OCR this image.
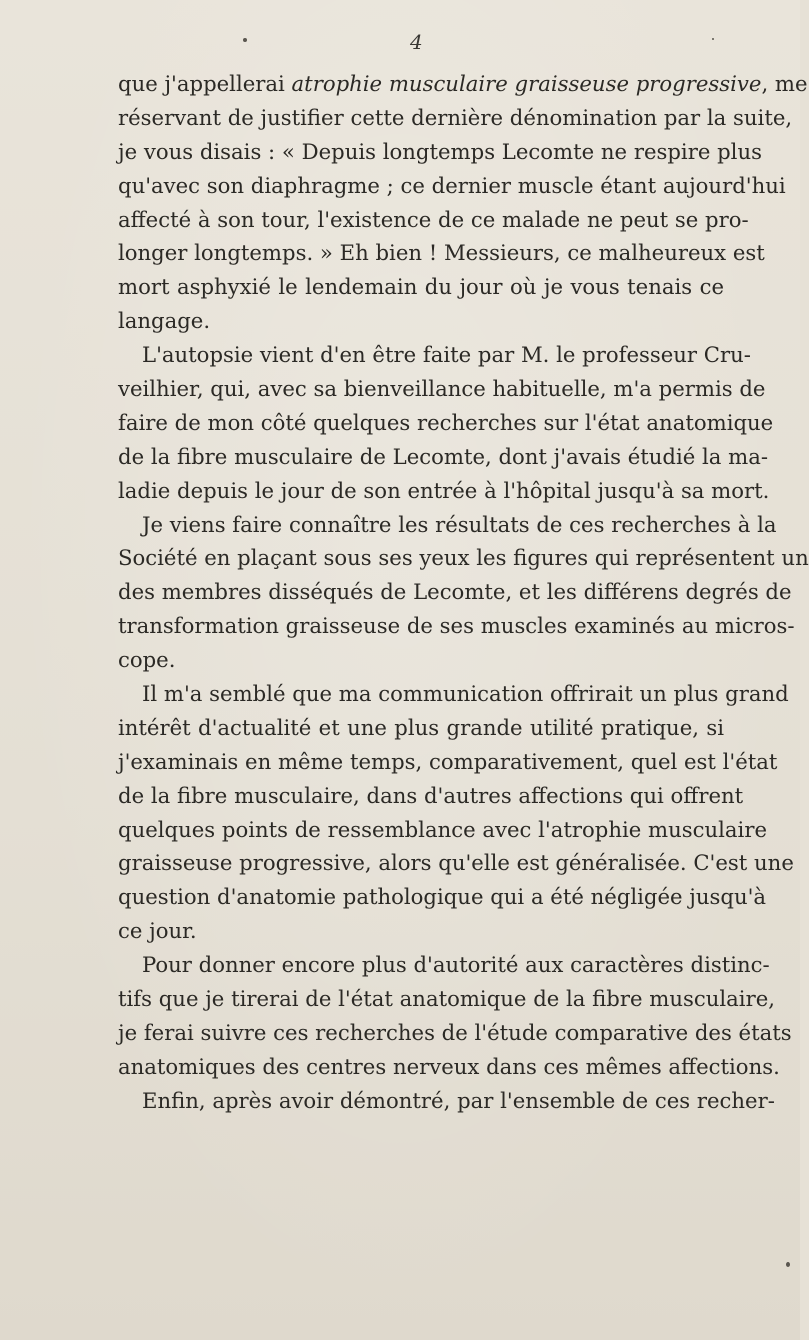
4
que j'appellerai atrophie musculaire graisseuse progressive, me
réservant de justifier cette dernière dénomination par la suite,
je vous disais : « Depuis longtemps Lecomte ne respire plus
qu'avec son diaphragme ; ce dernier muscle étant aujourd'hui
affecté à son tour, l'existence de ce malade ne peut se pro-
longer longtemps. » Eh bien ! Messieurs, ce malheureux est
mort asphyxié le lendemain du jour où je vous tenais ce
langage.
L'autopsie vient d'en être faite par M. le professeur Cru-
veilhier, qui, avec sa bienveillance habituelle, m'a permis de
faire de mon côté quelques recherches sur l'état anatomique
de la fibre musculaire de Lecomte, dont j'avais étudié la ma-
ladie depuis le jour de son entrée à l'hôpital jusqu'à sa mort.
Je viens faire connaître les résultats de ces recherches à la
Société en plaçant sous ses yeux les figures qui représentent un
des membres disséqués de Lecomte, et les différens degrés de
transformation graisseuse de ses muscles examinés au micros-
cope.
Il m'a semblé que ma communication offrirait un plus grand
intérêt d'actualité et une plus grande utilité pratique, si
j'examinais en même temps, comparativement, quel est l'état
de la fibre musculaire, dans d'autres affections qui offrent
quelques points de ressemblance avec l'atrophie musculaire
graisseuse progressive, alors qu'elle est généralisée. C'est une
question d'anatomie pathologique qui a été négligée jusqu'à
ce jour.
Pour donner encore plus d'autorité aux caractères distinc-
tifs que je tirerai de l'état anatomique de la fibre musculaire,
je ferai suivre ces recherches de l'étude comparative des états
anatomiques des centres nerveux dans ces mêmes affections.
Enfin, après avoir démontré, par l'ensemble de ces recher-
